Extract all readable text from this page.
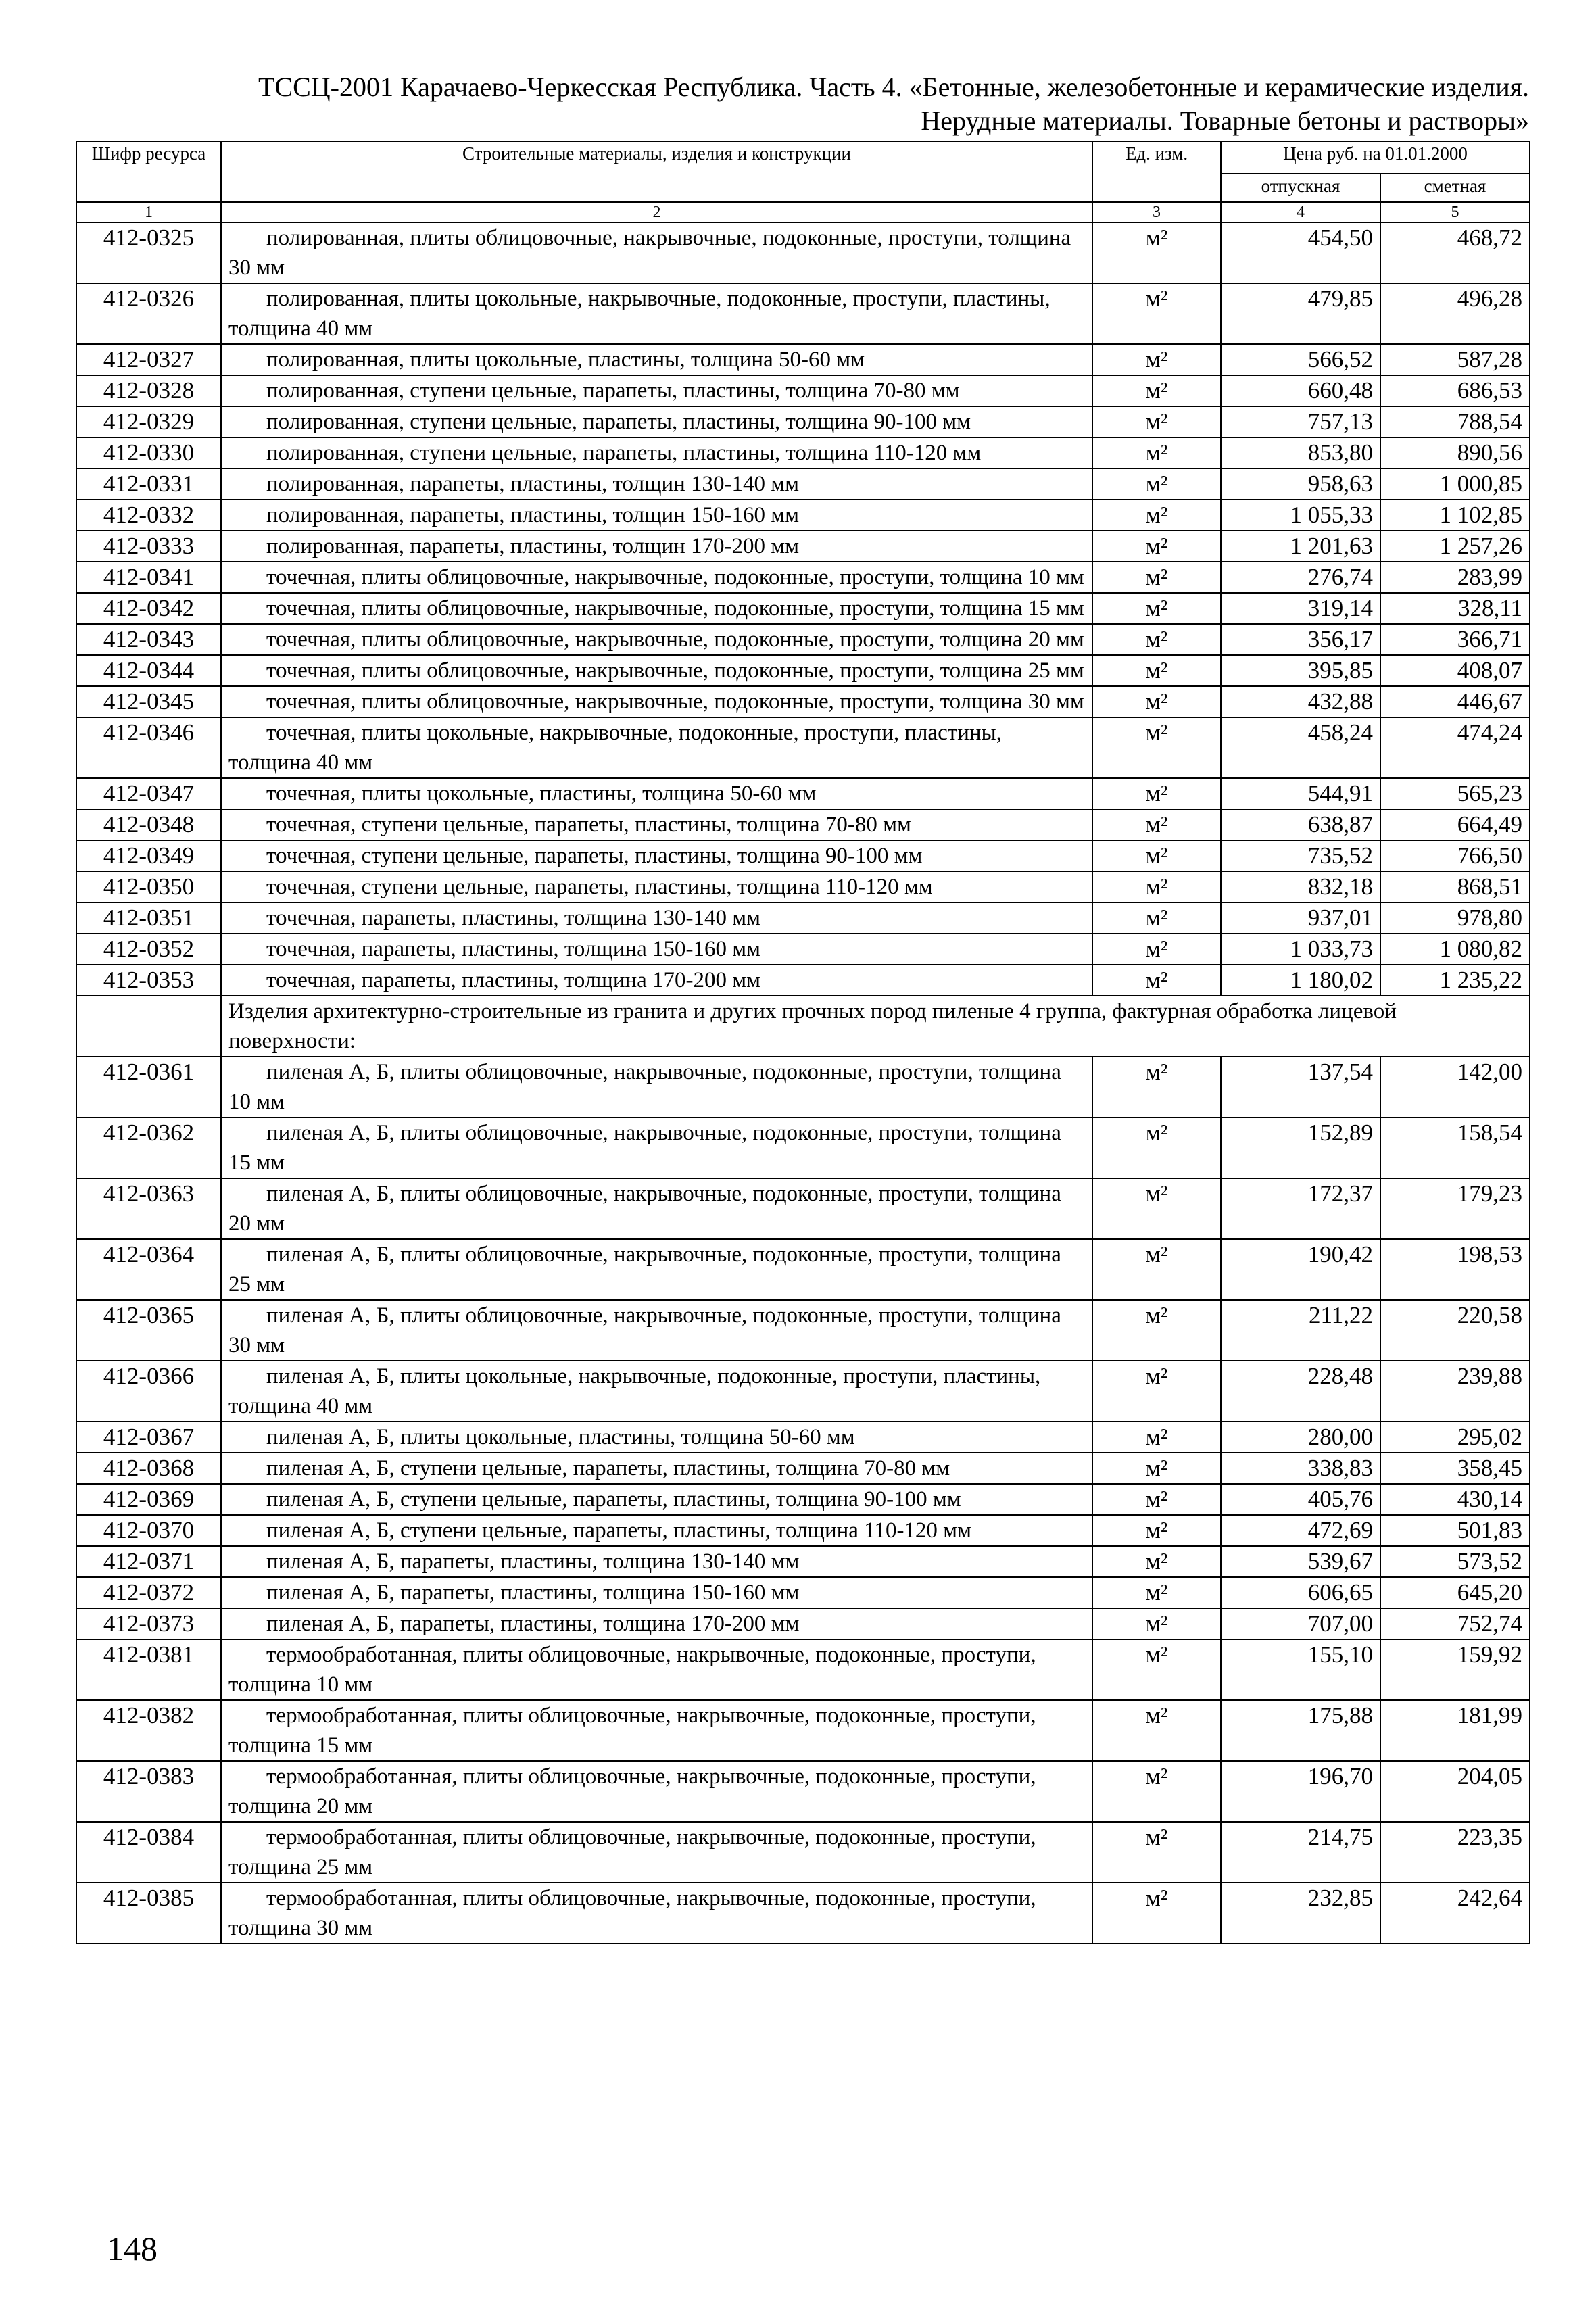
ТССЦ-2001 Карачаево-Черкесская Республика. Часть 4. «Бетонные, железобетонные и керамические изделия.
Нерудные материалы. Товарные бетоны и растворы»
Шифр ресурса	Строительные материалы, изделия и конструкции	Ед. изм.	Цена руб. на 01.01.2000	
			отпускная	сметная
1	2	3	4	5
412-0325	полированная, плиты облицовочные, накрывочные, подоконные, проступи, толщина 30 мм	м²	454,50	468,72
412-0326	полированная, плиты цокольные, накрывочные, подоконные, проступи, пластины, толщина 40 мм	м²	479,85	496,28
412-0327	полированная, плиты цокольные, пластины, толщина 50-60 мм	м²	566,52	587,28
412-0328	полированная, ступени цельные, парапеты, пластины, толщина 70-80 мм	м²	660,48	686,53
412-0329	полированная, ступени цельные, парапеты, пластины, толщина 90-100 мм	м²	757,13	788,54
412-0330	полированная, ступени цельные, парапеты, пластины, толщина 110-120 мм	м²	853,80	890,56
412-0331	полированная, парапеты, пластины, толщин 130-140 мм	м²	958,63	1 000,85
412-0332	полированная, парапеты, пластины, толщин 150-160 мм	м²	1 055,33	1 102,85
412-0333	полированная, парапеты, пластины, толщин 170-200 мм	м²	1 201,63	1 257,26
412-0341	точечная, плиты облицовочные, накрывочные, подоконные, проступи, толщина 10 мм	м²	276,74	283,99
412-0342	точечная, плиты облицовочные, накрывочные, подоконные, проступи, толщина 15 мм	м²	319,14	328,11
412-0343	точечная, плиты облицовочные, накрывочные, подоконные, проступи, толщина 20 мм	м²	356,17	366,71
412-0344	точечная, плиты облицовочные, накрывочные, подоконные, проступи, толщина 25 мм	м²	395,85	408,07
412-0345	точечная, плиты облицовочные, накрывочные, подоконные, проступи, толщина 30 мм	м²	432,88	446,67
412-0346	точечная, плиты цокольные, накрывочные, подоконные, проступи, пластины, толщина 40 мм	м²	458,24	474,24
412-0347	точечная, плиты цокольные, пластины, толщина 50-60 мм	м²	544,91	565,23
412-0348	точечная, ступени цельные, парапеты, пластины, толщина 70-80 мм	м²	638,87	664,49
412-0349	точечная, ступени цельные, парапеты, пластины, толщина 90-100 мм	м²	735,52	766,50
412-0350	точечная, ступени цельные, парапеты, пластины, толщина 110-120 мм	м²	832,18	868,51
412-0351	точечная, парапеты, пластины, толщина 130-140 мм	м²	937,01	978,80
412-0352	точечная, парапеты, пластины, толщина 150-160 мм	м²	1 033,73	1 080,82
412-0353	точечная, парапеты, пластины, толщина 170-200 мм	м²	1 180,02	1 235,22
	Изделия архитектурно-строительные из гранита и других прочных пород пиленые 4 группа, фактурная обработка лицевой поверхности:			
412-0361	пиленая А, Б, плиты облицовочные, накрывочные, подоконные, проступи, толщина 10 мм	м²	137,54	142,00
412-0362	пиленая А, Б, плиты облицовочные, накрывочные, подоконные, проступи, толщина 15 мм	м²	152,89	158,54
412-0363	пиленая А, Б, плиты облицовочные, накрывочные, подоконные, проступи, толщина 20 мм	м²	172,37	179,23
412-0364	пиленая А, Б, плиты облицовочные, накрывочные, подоконные, проступи, толщина 25 мм	м²	190,42	198,53
412-0365	пиленая А, Б, плиты облицовочные, накрывочные, подоконные, проступи, толщина 30 мм	м²	211,22	220,58
412-0366	пиленая А, Б, плиты цокольные, накрывочные, подоконные, проступи, пластины, толщина 40 мм	м²	228,48	239,88
412-0367	пиленая А, Б, плиты цокольные, пластины, толщина 50-60 мм	м²	280,00	295,02
412-0368	пиленая А, Б, ступени цельные, парапеты, пластины, толщина 70-80 мм	м²	338,83	358,45
412-0369	пиленая А, Б, ступени цельные, парапеты, пластины, толщина 90-100 мм	м²	405,76	430,14
412-0370	пиленая А, Б, ступени цельные, парапеты, пластины, толщина 110-120 мм	м²	472,69	501,83
412-0371	пиленая А, Б, парапеты, пластины, толщина 130-140 мм	м²	539,67	573,52
412-0372	пиленая А, Б, парапеты, пластины, толщина 150-160 мм	м²	606,65	645,20
412-0373	пиленая А, Б, парапеты, пластины, толщина 170-200 мм	м²	707,00	752,74
412-0381	термообработанная, плиты облицовочные, накрывочные, подоконные, проступи, толщина 10 мм	м²	155,10	159,92
412-0382	термообработанная, плиты облицовочные, накрывочные, подоконные, проступи, толщина 15 мм	м²	175,88	181,99
412-0383	термообработанная, плиты облицовочные, накрывочные, подоконные, проступи, толщина 20 мм	м²	196,70	204,05
412-0384	термообработанная, плиты облицовочные, накрывочные, подоконные, проступи, толщина 25 мм	м²	214,75	223,35
412-0385	термообработанная, плиты облицовочные, накрывочные, подоконные, проступи, толщина 30 мм	м²	232,85	242,64
148
